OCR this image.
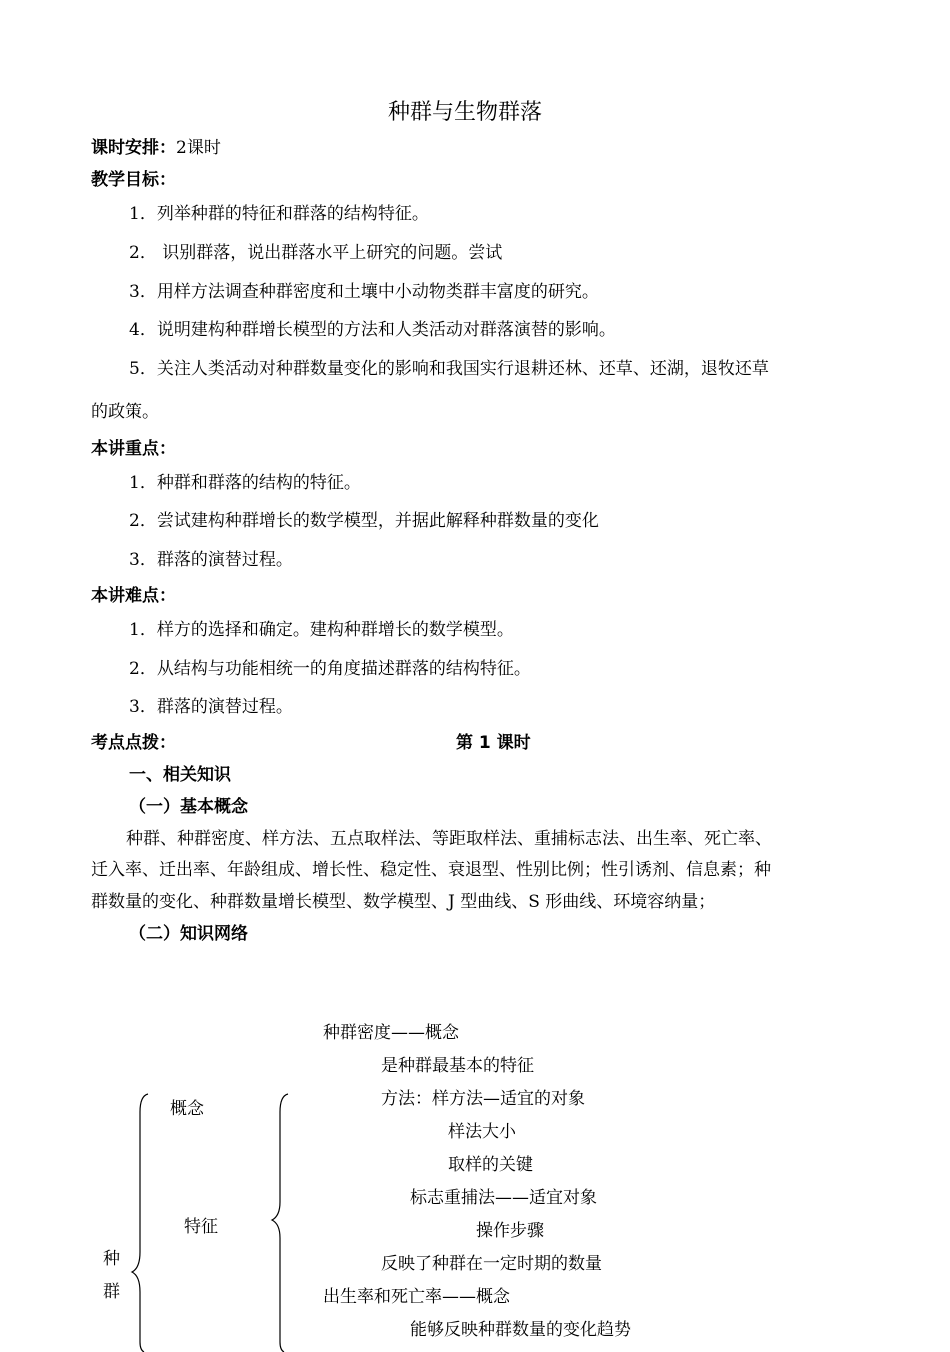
种群与生物群落
课时安排：2课时
教学目标：
1．列举种群的特征和群落的结构特征。
2． 识别群落，说出群落水平上研究的问题。尝试
3．用样方法调查种群密度和土壤中小动物类群丰富度的研究。
4．说明建构种群增长模型的方法和人类活动对群落演替的影响。
5．关注人类活动对种群数量变化的影响和我国实行退耕还林、还草、还湖，退牧还草
的政策。
本讲重点：
1．种群和群落的结构的特征。
2．尝试建构种群增长的数学模型，并据此解释种群数量的变化
3．群落的演替过程。
本讲难点：
1．样方的选择和确定。建构种群增长的数学模型。
2．从结构与功能相统一的角度描述群落的结构特征。
3．群落的演替过程。
考点点拨：	第 1 课时
一、相关知识
（一）基本概念
种群、种群密度、样方法、五点取样法、等距取样法、重捕标志法、出生率、死亡率、
迁入率、迁出率、年龄组成、增长性、稳定性、衰退型、性别比例；性引诱剂、信息素；种
群数量的变化、种群数量增长模型、数学模型、J 型曲线、S 形曲线、环境容纳量；
（二）知识网络
种
群
概念
特征
种群密度——概念
是种群最基本的特征
方法：样方法—适宜的对象
样法大小
取样的关键
标志重捕法——适宜对象
操作步骤
反映了种群在一定时期的数量
出生率和死亡率——概念
能够反映种群数量的变化趋势
